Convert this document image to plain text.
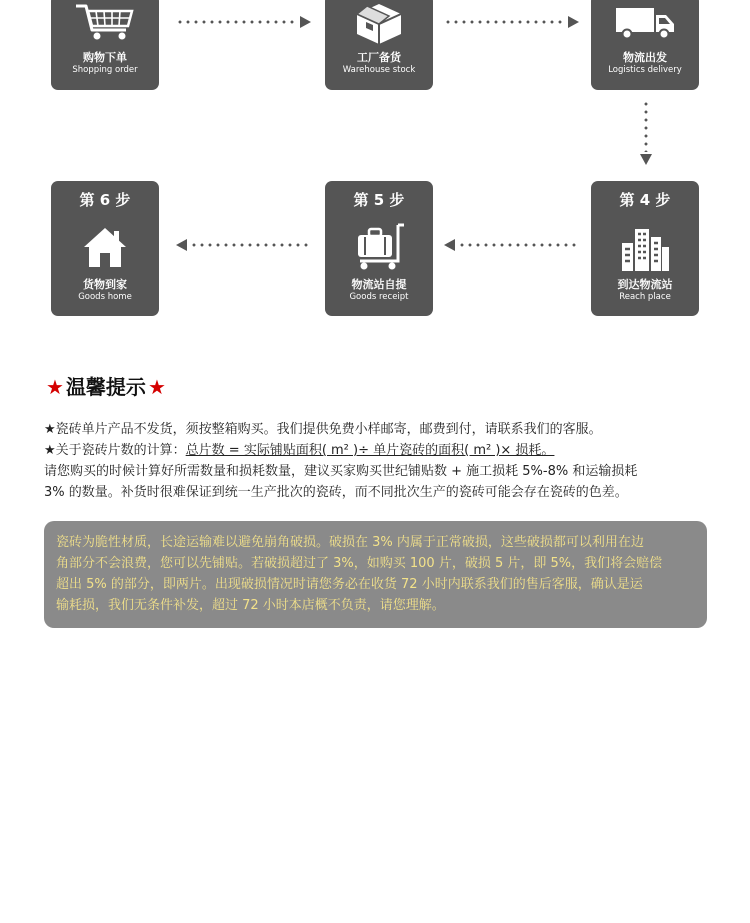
购物下单
Shopping order
工厂备货
Warehouse stock
物流出发
Logistics delivery
第 6 步
货物到家
Goods home
第 5 步
物流站自提
Goods receipt
第 4 步
到达物流站
Reach place
★ 温馨提示 ★
★瓷砖单片产品不发货，须按整箱购买。我们提供免费小样邮寄，邮费到付，请联系我们的客服。
★关于瓷砖片数的计算：总片数 = 实际铺贴面积( m² )÷ 单片瓷砖的面积( m² )× 损耗。
请您购买的时候计算好所需数量和损耗数量，建议买家购买世纪铺贴数 + 施工损耗 5%-8% 和运输损耗
3% 的数量。补货时很难保证到统一生产批次的瓷砖，而不同批次生产的瓷砖可能会存在瓷砖的色差。

瓷砖为脆性材质，长途运输难以避免崩角破损。破损在 3% 内属于正常破损，这些破损都可以利用在边
角部分不会浪费，您可以先铺贴。若破损超过了 3%，如购买 100 片，破损 5 片，即 5%，我们将会赔偿
超出 5% 的部分，即两片。出现破损情况时请您务必在收货 72 小时内联系我们的售后客服，确认是运
输耗损，我们无条件补发，超过 72 小时本店概不负责，请您理解。
